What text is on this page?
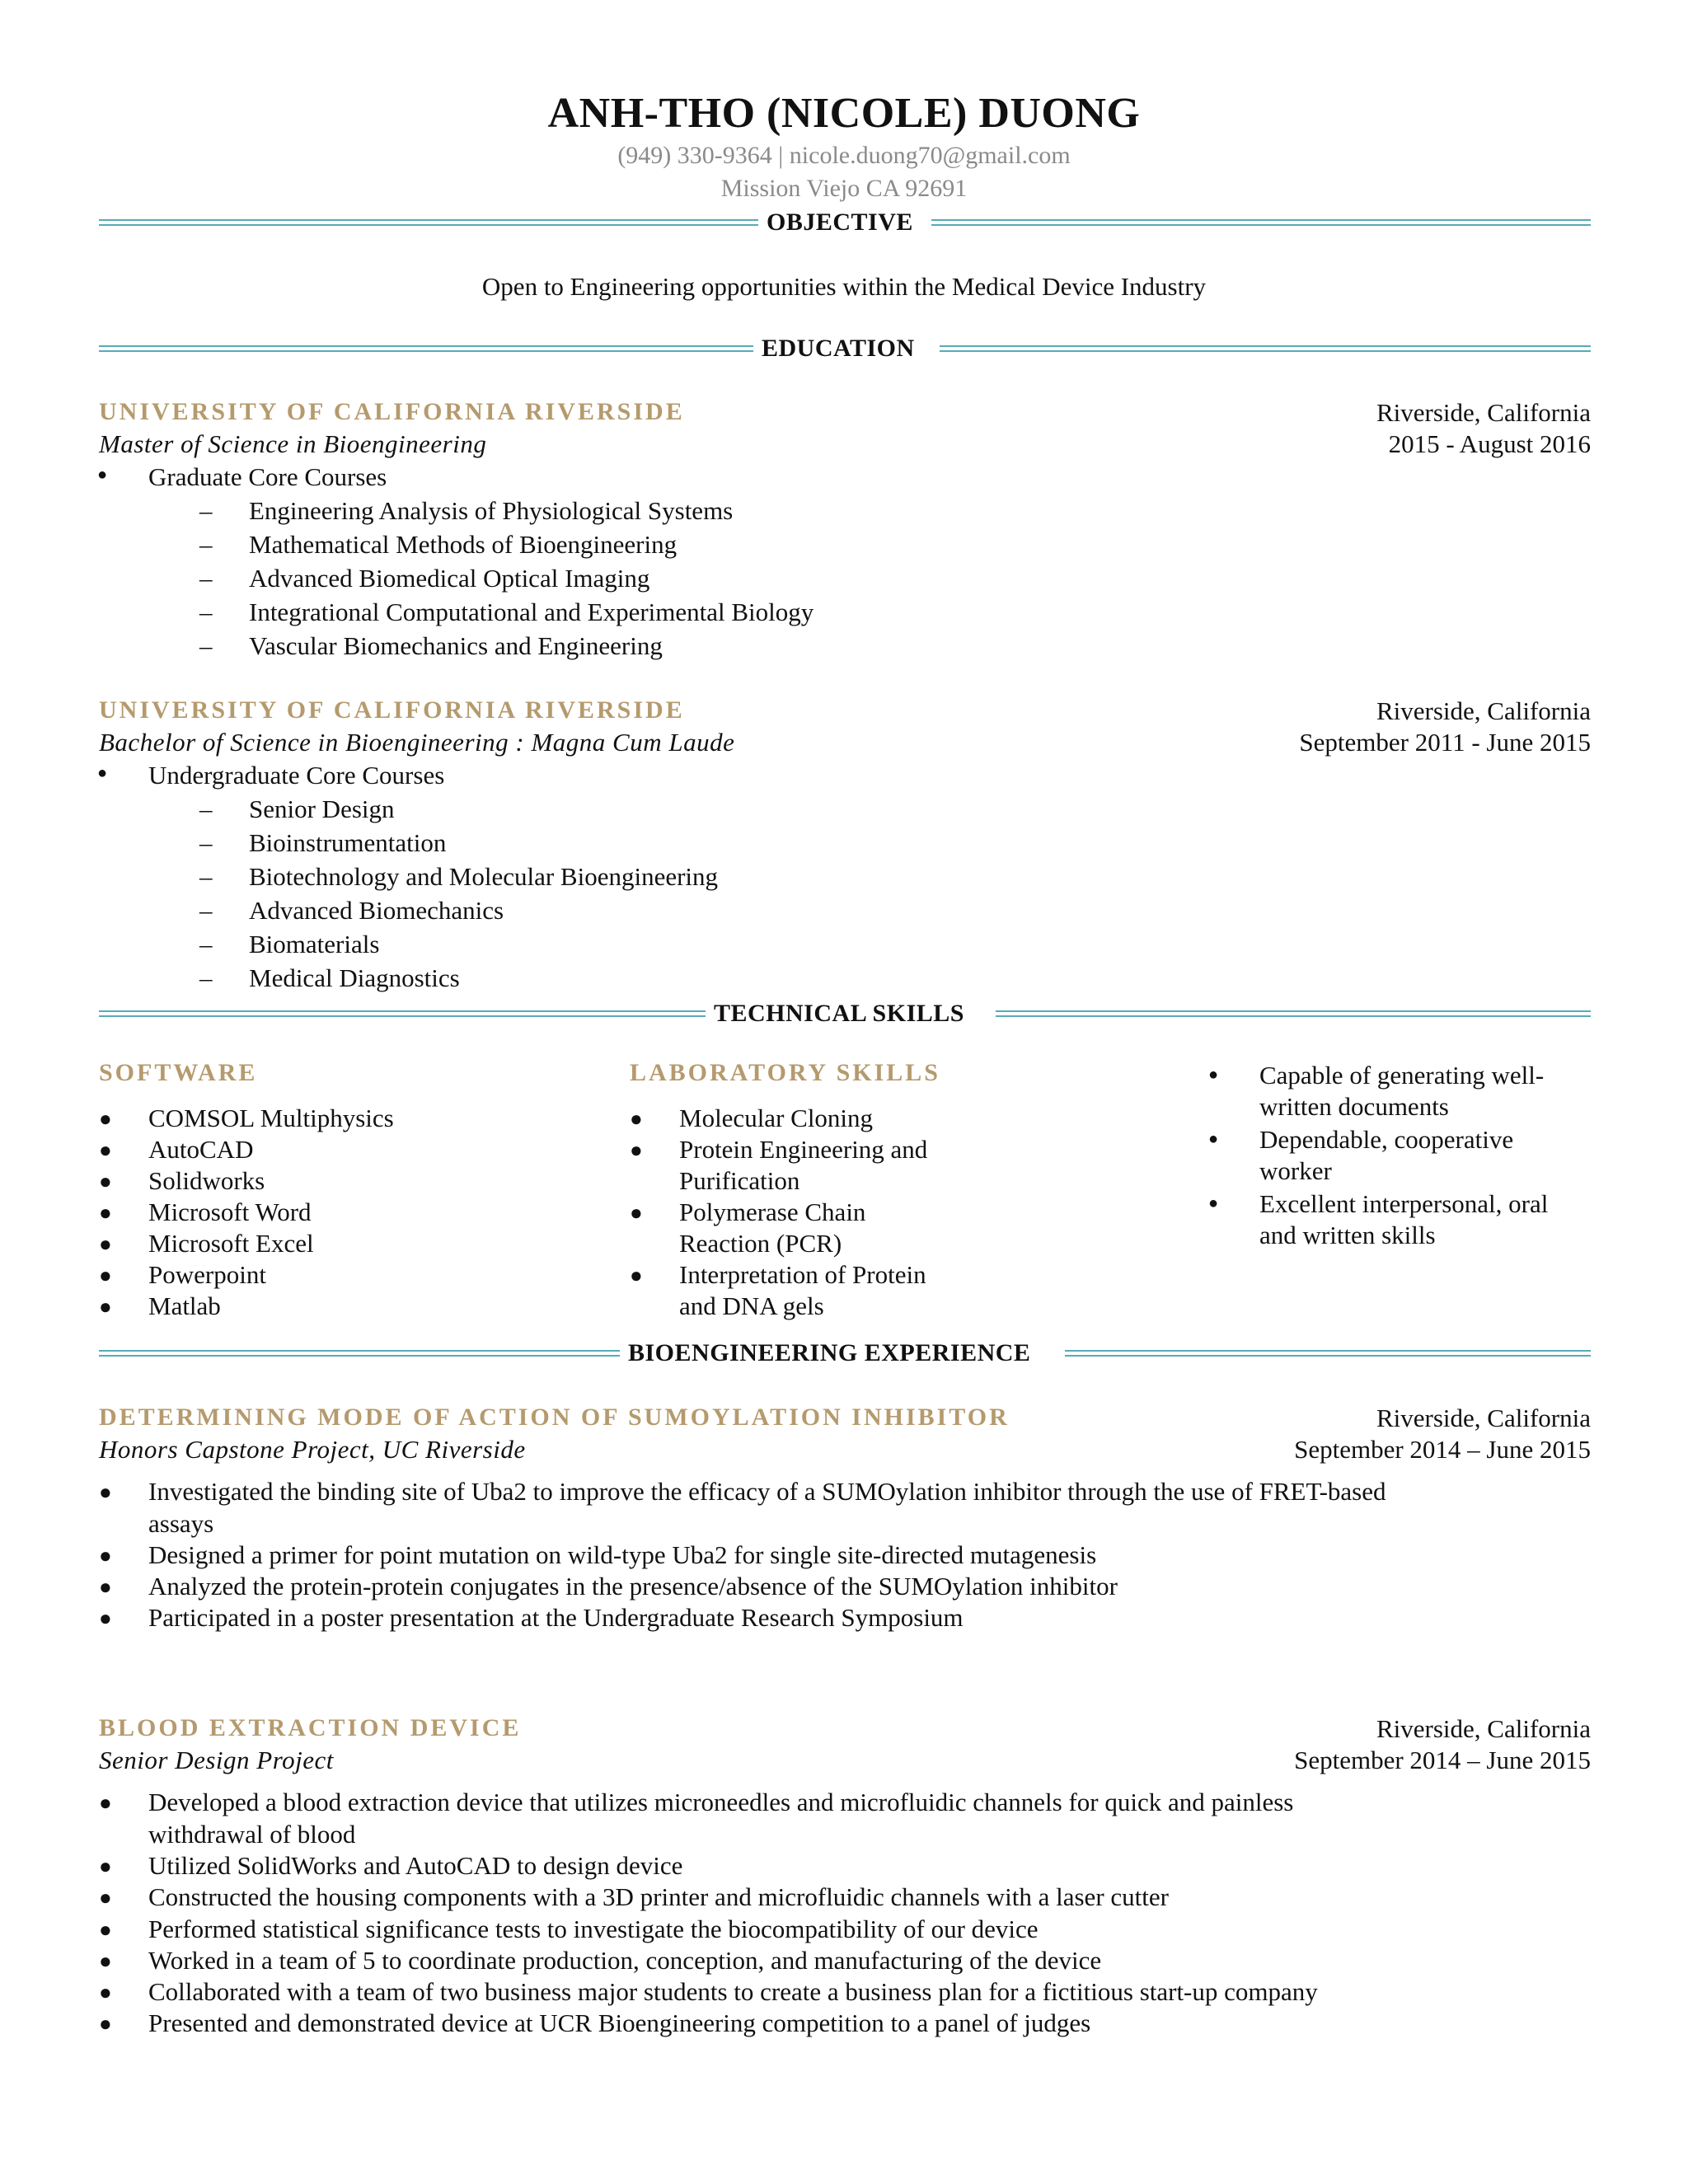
ANH-THO (NICOLE) DUONG
(949) 330-9364 | nicole.duong70@gmail.com
Mission Viejo CA 92691
OBJECTIVE
Open to Engineering opportunities within the Medical Device Industry
EDUCATION
UNIVERSITY OF CALIFORNIA RIVERSIDE	Riverside, California
Master of Science in Bioengineering	2015 - August 2016
● Graduate Core Courses
– Engineering Analysis of Physiological Systems
– Mathematical Methods of Bioengineering
– Advanced Biomedical Optical Imaging
– Integrational Computational and Experimental Biology
– Vascular Biomechanics and Engineering
UNIVERSITY OF CALIFORNIA RIVERSIDE	Riverside, California
Bachelor of Science in Bioengineering : Magna Cum Laude	September 2011 - June 2015
● Undergraduate Core Courses
– Senior Design
– Bioinstrumentation
– Biotechnology and Molecular Bioengineering
– Advanced Biomechanics
– Biomaterials
– Medical Diagnostics
TECHNICAL SKILLS
SOFTWARE
● COMSOL Multiphysics
● AutoCAD
● Solidworks
● Microsoft Word
● Microsoft Excel
● Powerpoint
● Matlab
LABORATORY SKILLS
● Molecular Cloning
● Protein Engineering and
Purification
● Polymerase Chain
Reaction (PCR)
● Interpretation of Protein
and DNA gels
● Capable of generating well-
written documents
● Dependable, cooperative
worker
● Excellent interpersonal, oral
and written skills
BIOENGINEERING EXPERIENCE
DETERMINING MODE OF ACTION OF SUMOYLATION INHIBITOR	Riverside, California
Honors Capstone Project, UC Riverside	September 2014 – June 2015
● Investigated the binding site of Uba2 to improve the efficacy of a SUMOylation inhibitor through the use of FRET-based
assays
● Designed a primer for point mutation on wild-type Uba2 for single site-directed mutagenesis
● Analyzed the protein-protein conjugates in the presence/absence of the SUMOylation inhibitor
● Participated in a poster presentation at the Undergraduate Research Symposium
BLOOD EXTRACTION DEVICE	Riverside, California
Senior Design Project	September 2014 – June 2015
● Developed a blood extraction device that utilizes microneedles and microfluidic channels for quick and painless
withdrawal of blood
● Utilized SolidWorks and AutoCAD to design device
● Constructed the housing components with a 3D printer and microfluidic channels with a laser cutter
● Performed statistical significance tests to investigate the biocompatibility of our device
● Worked in a team of 5 to coordinate production, conception, and manufacturing of the device
● Collaborated with a team of two business major students to create a business plan for a fictitious start-up company
● Presented and demonstrated device at UCR Bioengineering competition to a panel of judges
